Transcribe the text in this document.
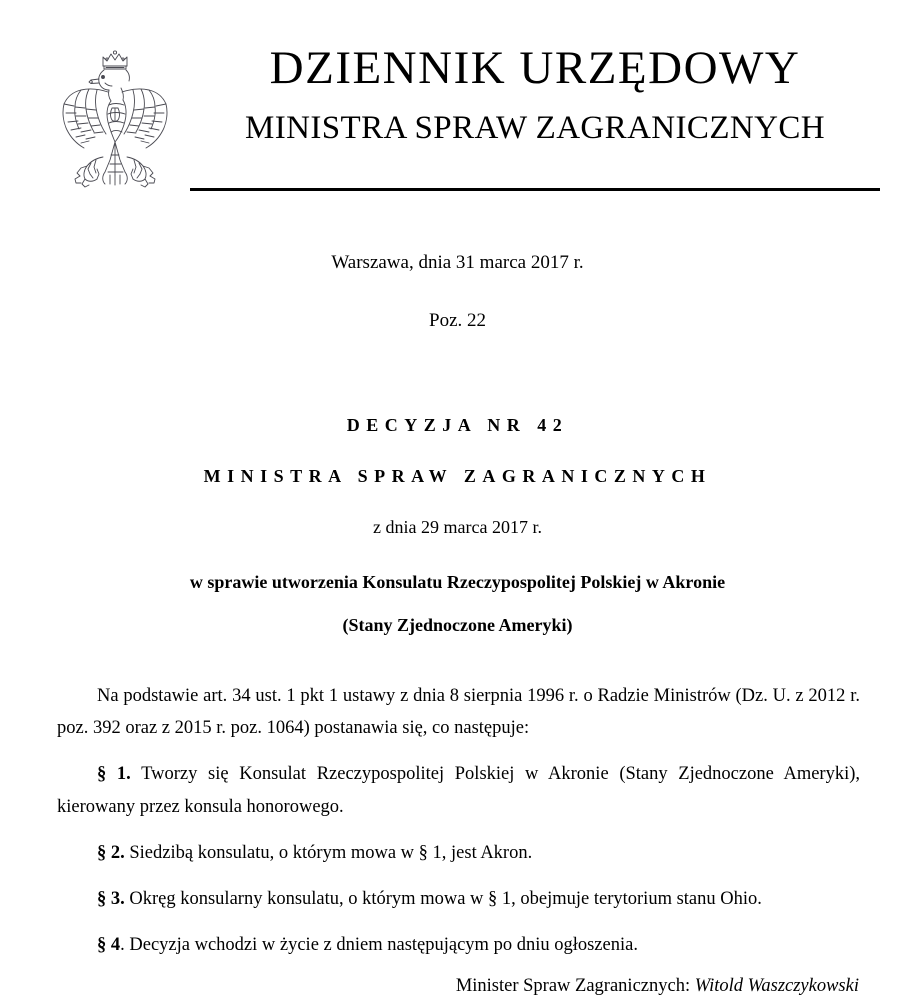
DZIENNIK URZĘDOWY
MINISTRA SPRAW ZAGRANICZNYCH
Warszawa, dnia 31 marca 2017 r.
Poz. 22
DECYZJA NR 42
MINISTRA SPRAW ZAGRANICZNYCH
z dnia 29 marca 2017 r.
w sprawie utworzenia Konsulatu Rzeczypospolitej Polskiej w Akronie
(Stany Zjednoczone Ameryki)

Na podstawie art. 34 ust. 1 pkt 1 ustawy z dnia 8 sierpnia 1996 r. o Radzie Ministrów (Dz. U. z 2012 r. poz. 392 oraz z 2015 r. poz. 1064) postanawia się, co następuje:

§ 1. Tworzy się Konsulat Rzeczypospolitej Polskiej w Akronie (Stany Zjednoczone Ameryki), kierowany przez konsula honorowego.

§ 2. Siedzibą konsulatu, o którym mowa w § 1, jest Akron.

§ 3. Okręg konsularny konsulatu, o którym mowa w § 1, obejmuje terytorium stanu Ohio.

§ 4. Decyzja wchodzi w życie z dniem następującym po dniu ogłoszenia.

Minister Spraw Zagranicznych: Witold Waszczykowski
